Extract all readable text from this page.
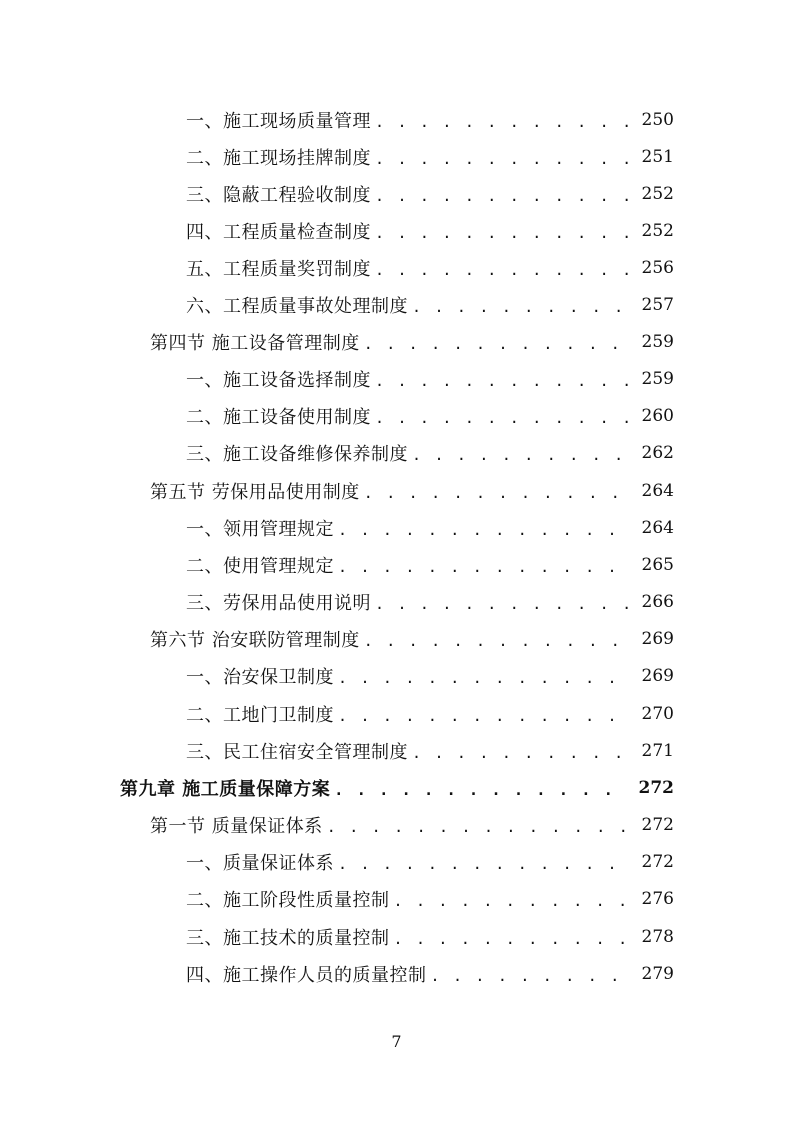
一、施工现场质量管理 . . .	250
二、施工现场挂牌制度 . . .	251
三、隐蔽工程验收制度 . . .	252
四、工程质量检查制度 . . .	252
五、工程质量奖罚制度 . . .	256
六、工程质量事故处理制度 . . .	257
第四节 施工设备管理制度 . . .	259
一、施工设备选择制度 . . .	259
二、施工设备使用制度 . . .	260
三、施工设备维修保养制度 . . .	262
第五节 劳保用品使用制度 . . .	264
一、领用管理规定 . . .	264
二、使用管理规定 . . .	265
三、劳保用品使用说明 . . .	266
第六节 治安联防管理制度 . . .	269
一、治安保卫制度 . . .	269
二、工地门卫制度 . . .	270
三、民工住宿安全管理制度 . . .	271
第九章 施工质量保障方案 . . .	272
第一节 质量保证体系 . . .	272
一、质量保证体系 . . .	272
二、施工阶段性质量控制 . . .	276
三、施工技术的质量控制 . . .	278
四、施工操作人员的质量控制 . . .	279
7
